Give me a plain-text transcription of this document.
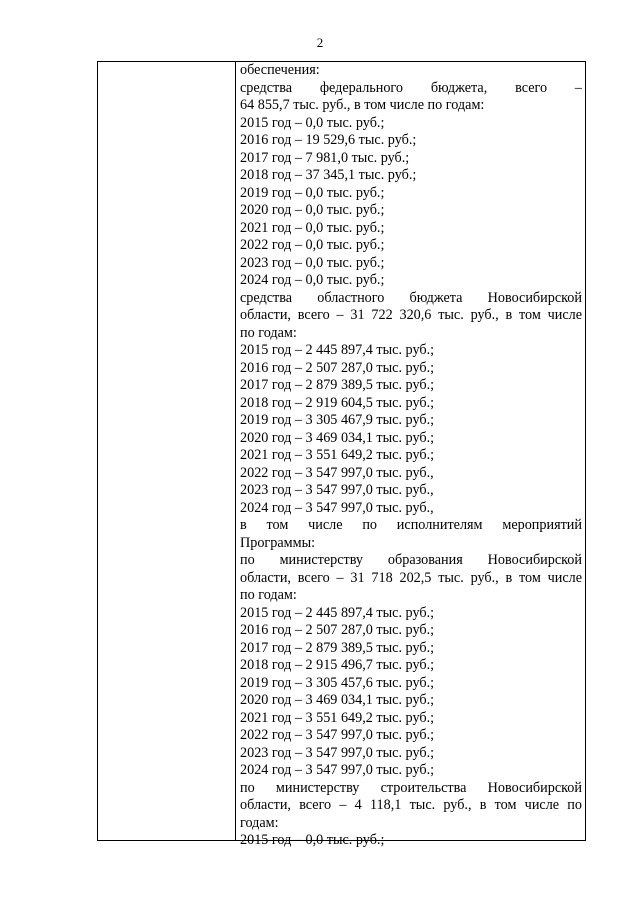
2
обеспечения:
средства федерального бюджета, всего –
64 855,7 тыс. руб., в том числе по годам:
2015 год – 0,0 тыс. руб.;
2016 год – 19 529,6 тыс. руб.;
2017 год – 7 981,0 тыс. руб.;
2018 год – 37 345,1 тыс. руб.;
2019 год – 0,0 тыс. руб.;
2020 год – 0,0 тыс. руб.;
2021 год – 0,0 тыс. руб.;
2022 год – 0,0 тыс. руб.;
2023 год – 0,0 тыс. руб.;
2024 год – 0,0 тыс. руб.;
средства областного бюджета Новосибирской
области, всего – 31 722 320,6 тыс. руб., в том числе
по годам:
2015 год – 2 445 897,4 тыс. руб.;
2016 год – 2 507 287,0 тыс. руб.;
2017 год – 2 879 389,5 тыс. руб.;
2018 год – 2 919 604,5 тыс. руб.;
2019 год – 3 305 467,9 тыс. руб.;
2020 год – 3 469 034,1 тыс. руб.;
2021 год – 3 551 649,2 тыс. руб.;
2022 год – 3 547 997,0 тыс. руб.,
2023 год – 3 547 997,0 тыс. руб.,
2024 год – 3 547 997,0 тыс. руб.,
в том числе по исполнителям мероприятий
Программы:
по министерству образования Новосибирской
области, всего – 31 718 202,5 тыс. руб., в том числе
по годам:
2015 год – 2 445 897,4 тыс. руб.;
2016 год – 2 507 287,0 тыс. руб.;
2017 год – 2 879 389,5 тыс. руб.;
2018 год – 2 915 496,7 тыс. руб.;
2019 год – 3 305 457,6 тыс. руб.;
2020 год – 3 469 034,1 тыс. руб.;
2021 год – 3 551 649,2 тыс. руб.;
2022 год – 3 547 997,0 тыс. руб.;
2023 год – 3 547 997,0 тыс. руб.;
2024 год – 3 547 997,0 тыс. руб.;
по министерству строительства Новосибирской
области, всего – 4 118,1 тыс. руб., в том числе по
годам:
2015 год – 0,0 тыс. руб.;
